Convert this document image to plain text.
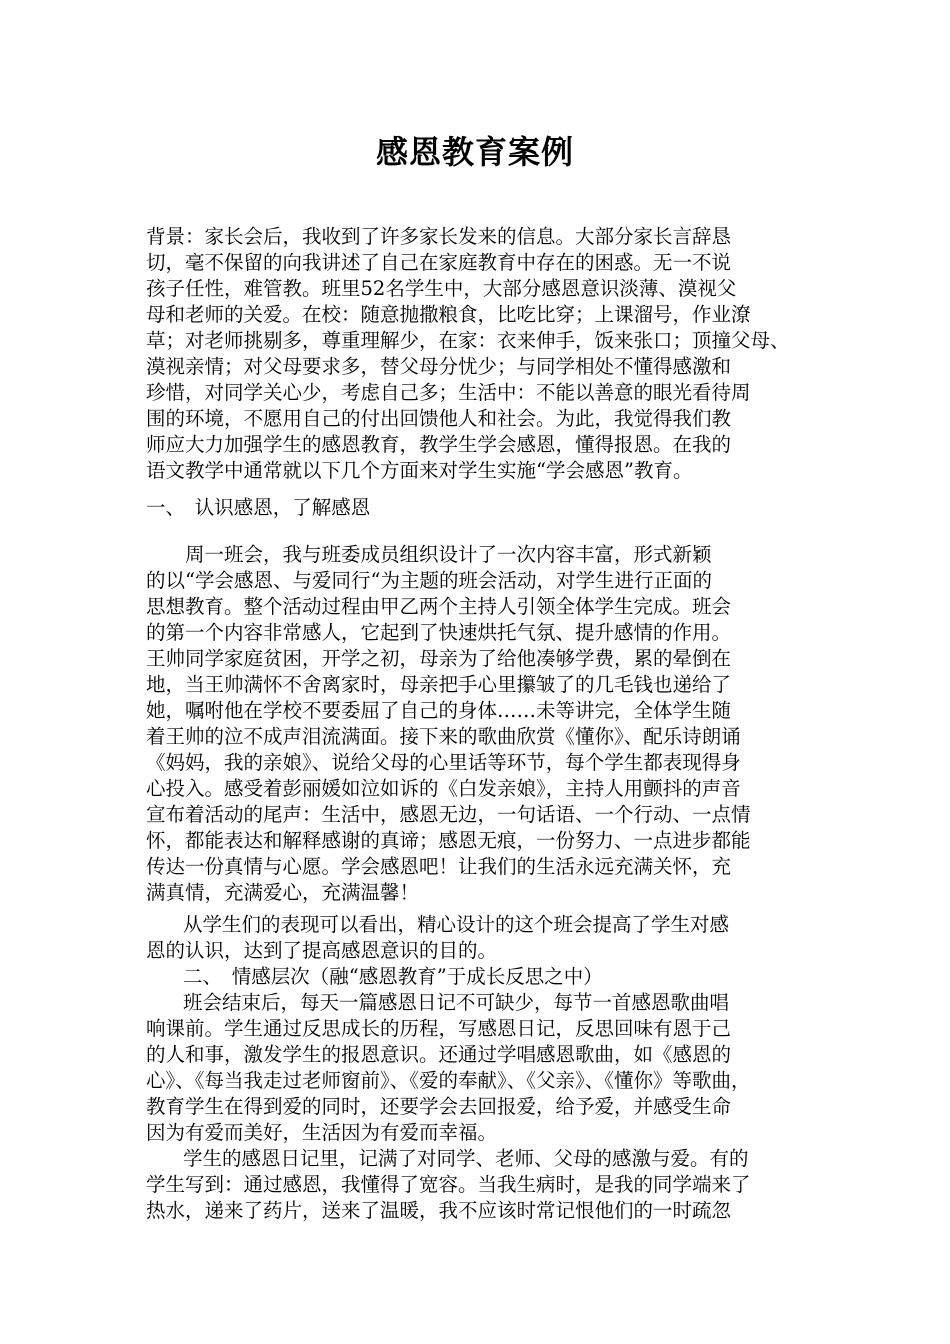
感恩教育案例
背景：家长会后，我收到了许多家长发来的信息。大部分家长言辞恳
切，毫不保留的向我讲述了自己在家庭教育中存在的困惑。无一不说
孩子任性，难管教。班里52名学生中，大部分感恩意识淡薄、漠视父
母和老师的关爱。在校：随意抛撒粮食，比吃比穿；上课溜号，作业潦
草；对老师挑剔多，尊重理解少，在家：衣来伸手，饭来张口；顶撞父母、
漠视亲情；对父母要求多，替父母分忧少；与同学相处不懂得感激和
珍惜，对同学关心少，考虑自己多；生活中：不能以善意的眼光看待周
围的环境，不愿用自己的付出回馈他人和社会。为此，我觉得我们教
师应大力加强学生的感恩教育，教学生学会感恩，懂得报恩。在我的
语文教学中通常就以下几个方面来对学生实施“学会感恩”教育。
一、　认识感恩，了解感恩
周一班会，我与班委成员组织设计了一次内容丰富，形式新颖
的以“学会感恩、与爱同行“为主题的班会活动，对学生进行正面的
思想教育。整个活动过程由甲乙两个主持人引领全体学生完成。班会
的第一个内容非常感人，它起到了快速烘托气氛、提升感情的作用。
王帅同学家庭贫困，开学之初，母亲为了给他凑够学费，累的晕倒在
地，当王帅满怀不舍离家时，母亲把手心里攥皱了的几毛钱也递给了
她，嘱咐他在学校不要委屈了自己的身体……未等讲完，全体学生随
着王帅的泣不成声泪流满面。接下来的歌曲欣赏《懂你》、配乐诗朗诵
《妈妈，我的亲娘》、说给父母的心里话等环节，每个学生都表现得身
心投入。感受着彭丽媛如泣如诉的《白发亲娘》，主持人用颤抖的声音
宣布着活动的尾声：生活中，感恩无边，一句话语、一个行动、一点情
怀，都能表达和解释感谢的真谛；感恩无痕，一份努力、一点进步都能
传达一份真情与心愿。学会感恩吧！让我们的生活永远充满关怀，充
满真情，充满爱心，充满温馨！
从学生们的表现可以看出，精心设计的这个班会提高了学生对感
恩的认识，达到了提高感恩意识的目的。
二、　情感层次（融“感恩教育”于成长反思之中）
班会结束后，每天一篇感恩日记不可缺少，每节一首感恩歌曲唱
响课前。学生通过反思成长的历程，写感恩日记，反思回味有恩于己
的人和事，激发学生的报恩意识。还通过学唱感恩歌曲，如《感恩的
心》、《每当我走过老师窗前》、《爱的奉献》、《父亲》、《懂你》等歌曲，
教育学生在得到爱的同时，还要学会去回报爱，给予爱，并感受生命
因为有爱而美好，生活因为有爱而幸福。
学生的感恩日记里，记满了对同学、老师、父母的感激与爱。有的
学生写到：通过感恩，我懂得了宽容。当我生病时，是我的同学端来了
热水，递来了药片，送来了温暖，我不应该时常记恨他们的一时疏忽
